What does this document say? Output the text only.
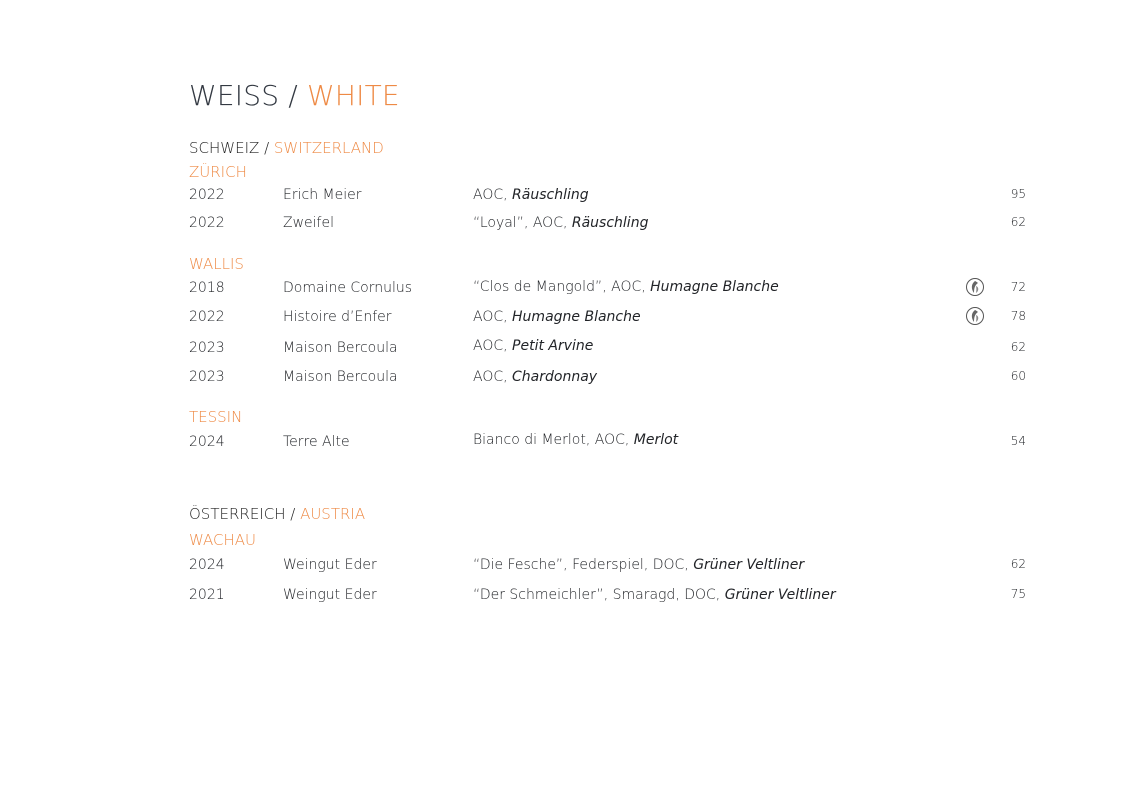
WEISS / WHITE
SCHWEIZ / SWITZERLAND
ZÜRICH
2022	Erich Meier	AOC, Räuschling	95
2022	Zweifel	“Loyal”, AOC, Räuschling	62
WALLIS
2018	Domaine Cornulus	“Clos de Mangold”, AOC, Humagne Blanche	72
2022	Histoire d’Enfer	AOC, Humagne Blanche	78
2023	Maison Bercoula	AOC, Petit Arvine	62
2023	Maison Bercoula	AOC, Chardonnay	60
TESSIN
2024	Terre Alte	Bianco di Merlot, AOC, Merlot	54
ÖSTERREICH / AUSTRIA
WACHAU
2024	Weingut Eder	“Die Fesche”, Federspiel, DOC, Grüner Veltliner	62
2021	Weingut Eder	“Der Schmeichler”, Smaragd, DOC, Grüner Veltliner	75
